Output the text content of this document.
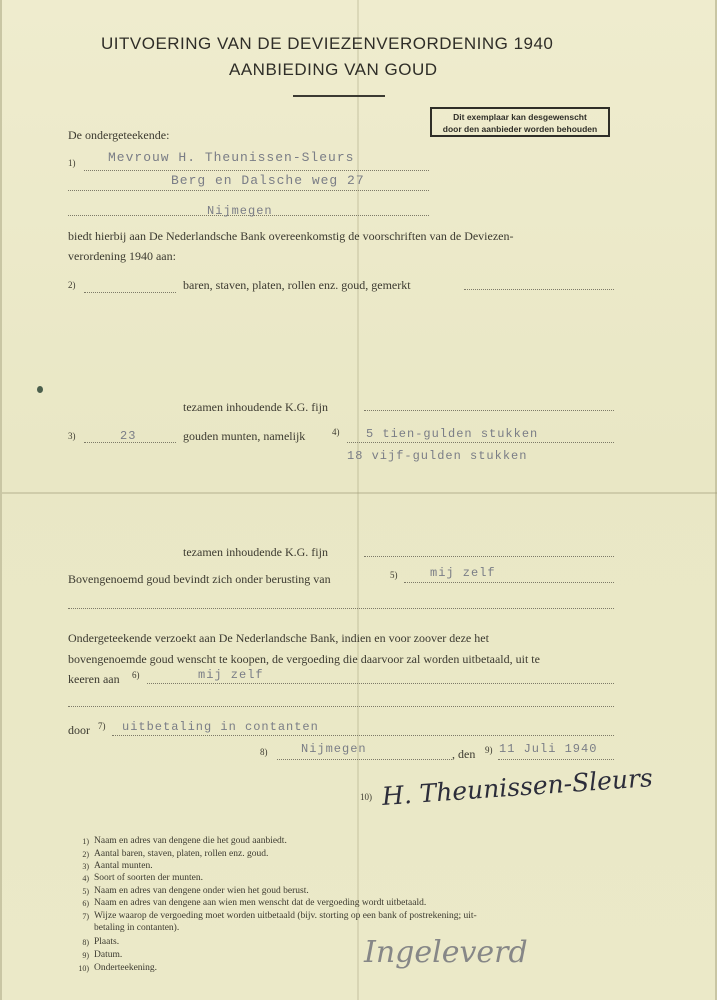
UITVOERING VAN DE DEVIEZENVERORDENING 1940
AANBIEDING VAN GOUD
Dit exemplaar kan desgewenscht
door den aanbieder worden behouden
De ondergeteekende:
1)	Mevrouw H. Theunissen-Sleurs
Berg en Dalsche weg 27
Nijmegen
biedt hierbij aan De Nederlandsche Bank overeenkomstig de voorschriften van de Deviezen-
verordening 1940 aan:
2)	baren, staven, platen, rollen enz. goud, gemerkt
tezamen inhoudende K.G. fijn
3)	23	gouden munten, namelijk	4) 5 tien-gulden stukken
18 vijf-gulden stukken
tezamen inhoudende K.G. fijn
Bovengenoemd goud bevindt zich onder berusting van	5)	mij zelf
Ondergeteekende verzoekt aan De Nederlandsche Bank, indien en voor zoover deze het
bovengenoemde goud wenscht te koopen, de vergoeding die daarvoor zal worden uitbetaald, uit te
keeren aan 6)	mij zelf
door 7) uitbetaling in contanten
8)	Nijmegen	, den 9) 11 Juli 1940
10) H. Theunissen-Sleurs
1) Naam en adres van dengene die het goud aanbiedt.
2) Aantal baren, staven, platen, rollen enz. goud.
3) Aantal munten.
4) Soort of soorten der munten.
5) Naam en adres van dengene onder wien het goud berust.
6) Naam en adres van dengene aan wien men wenscht dat de vergoeding wordt uitbetaald.
7) Wijze waarop de vergoeding moet worden uitbetaald (bijv. storting op een bank of postrekening; uit-
betaling in contanten).
8) Plaats.
9) Datum.
10) Onderteekening.	Ingeleverd
